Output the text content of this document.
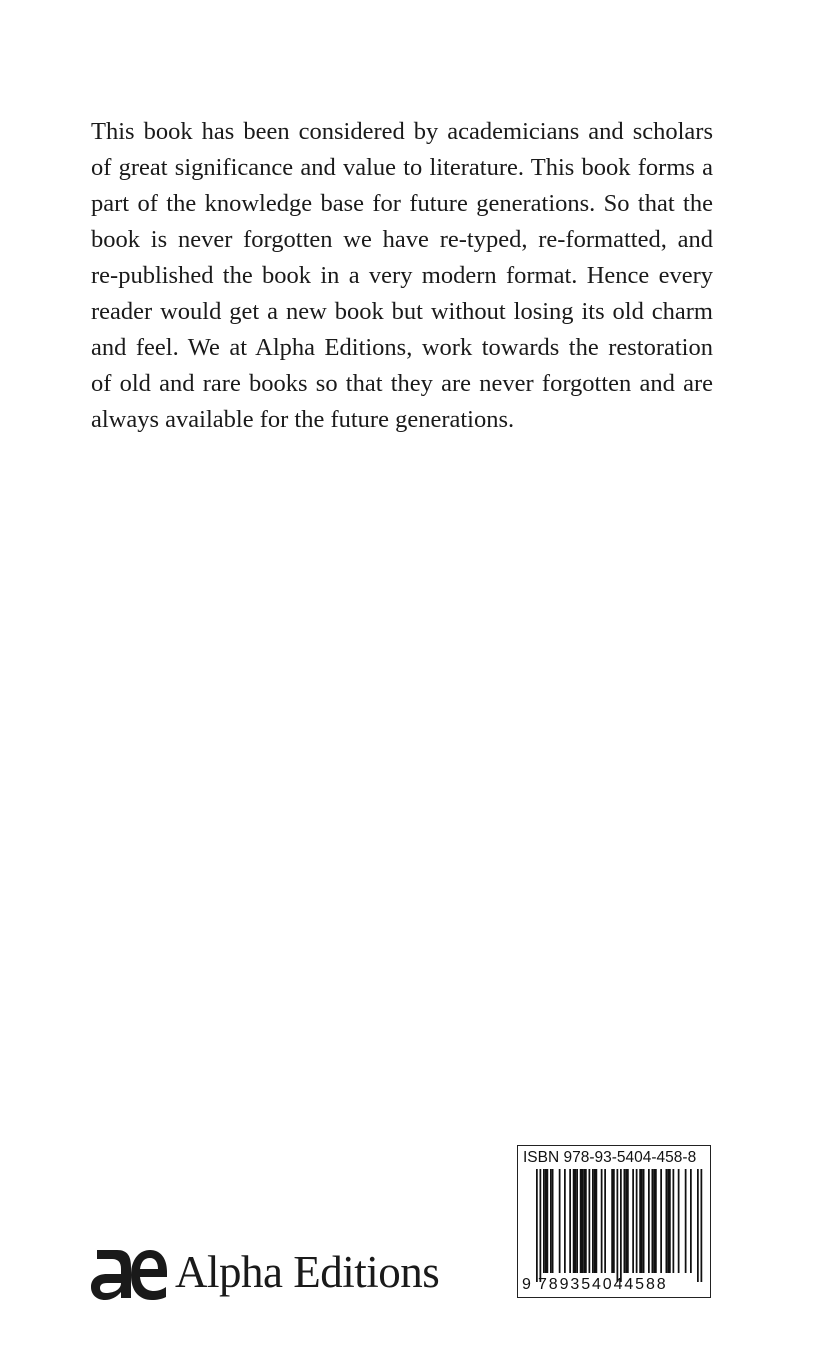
This book has been considered by academicians and scholars
of great significance and value to literature. This book forms a
part of the knowledge base for future generations. So that the
book is never forgotten we have re-typed, re-formatted, and
re-published the book in a very modern format. Hence every
reader would get a new book but without losing its old charm
and feel. We at Alpha Editions, work towards the restoration
of old and rare books so that they are never forgotten and are
always available for the future generations.
Alpha Editions
ISBN 978-93-5404-458-8
9 789354044588
